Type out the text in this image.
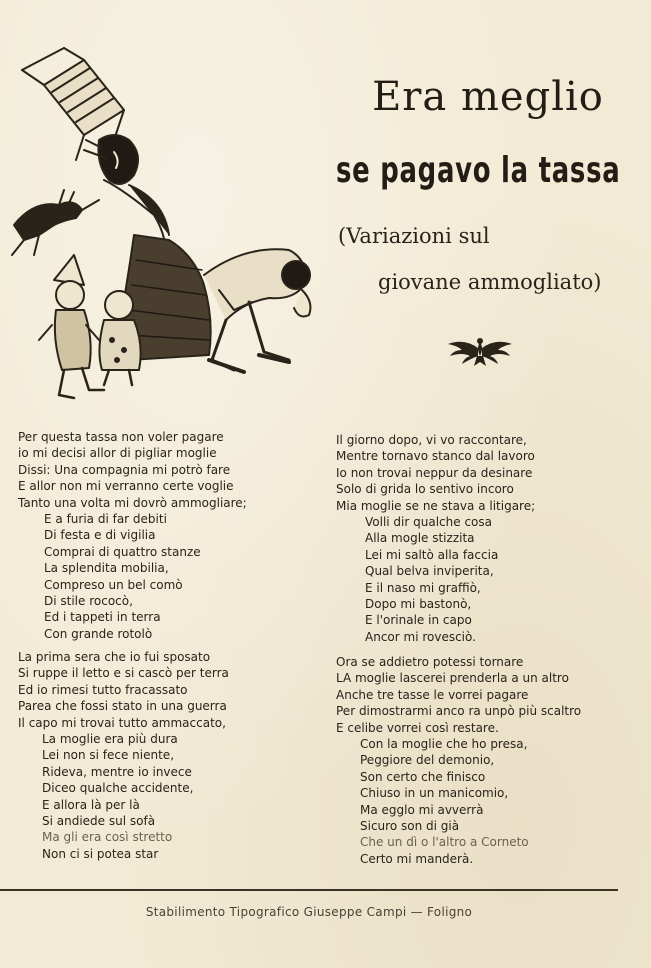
Era meglio
se pagavo la tassa
(Variazioni sul
giovane ammogliato)
Per questa tassa non voler pagare
io mi decisi allor di pigliar moglie
Dissi: Una compagnia mi potrò fare
E allor non mi verranno certe voglie
Tanto una volta mi dovrò ammogliare;
E a furia di far debiti
Di festa e di vigilia
Comprai di quattro stanze
La splendita mobilia,
Compreso un bel comò
Di stile rococò,
Ed i tappeti in terra
Con grande rotolò
La prima sera che io fui sposato
Si ruppe il letto e si cascò per terra
Ed io rimesi tutto fracassato
Parea che fossi stato in una guerra
Il capo mi trovai tutto ammaccato,
La moglie era più dura
Lei non si fece niente,
Rideva, mentre io invece
Diceo qualche accidente,
E allora là per là
Si andiede sul sofà
Ma gli era così stretto
Non ci si potea star
Il giorno dopo, vi vo raccontare,
Mentre tornavo stanco dal lavoro
Io non trovai neppur da desinare
Solo di grida lo sentivo incoro
Mia moglie se ne stava a litigare;
Volli dir qualche cosa
Alla mogle stizzita
Lei mi saltò alla faccia
Qual belva inviperita,
E il naso mi graffiò,
Dopo mi bastonò,
E l'orinale in capo
Ancor mi rovesciò.
Ora se addietro potessi tornare
LA moglie lascerei prenderla a un altro
Anche tre tasse le vorrei pagare
Per dimostrarmi anco ra unpò più scaltro
E celibe vorrei così restare.
Con la moglie che ho presa,
Peggiore del demonio,
Son certo che finisco
Chiuso in un manicomio,
Ma egglo mi avverrà
Sicuro son di già
Che un dì o l'altro a Corneto
Certo mi manderà.
Stabilimento Tipografico Giuseppe Campi — Foligno
